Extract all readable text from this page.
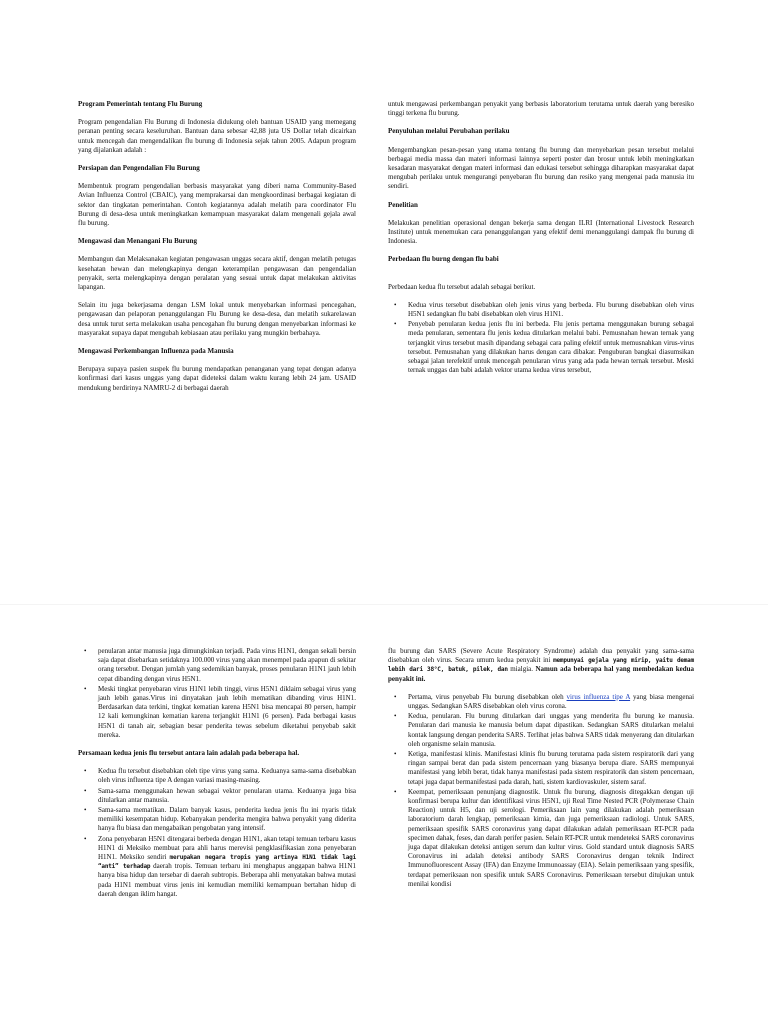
Program Pemerintah tentang Flu Burung

Program pengendalian Flu Burung di Indonesia didukung oleh bantuan USAID yang memegang peranan penting secara keseluruhan. Bantuan dana sebesar 42,88 juta US Dollar telah dicairkan untuk mencegah dan mengendalikan flu burung di Indonesia sejak tahun 2005. Adapun program yang dijalankan adalah :

Persiapan dan Pengendalian Flu Burung

Membentuk program pengendalian berbasis masyarakat yang diberi nama Community-Based Avian Influenza Control (CBAIC), yang memprakarsai dan mengkoordinasi berbagai kegiatan di sektor dan tingkatan pemerintahan. Contoh kegiatannya adalah melatih para coordinator Flu Burung di desa-desa untuk meningkatkan kemampuan masyarakat dalam mengenali gejala awal flu burung.

Mengawasi dan Menangani Flu Burung

Membangun dan Melaksanakan kegiatan pengawasan unggas secara aktif, dengan melatih petugas kesehatan hewan dan melengkapinya dengan keterampilan pengawasan dan pengendalian penyakit, serta melengkapinya dengan peralatan yang sesuai untuk dapat melakukan aktivitas lapangan.

Selain itu juga bekerjasama dengan LSM lokal untuk menyebarkan informasi pencegahan, pengawasan dan pelaporan penanggulangan Flu Burung ke desa-desa, dan melatih sukarelawan desa untuk turut serta melakukan usaha pencegahan flu burung dengan menyebarkan informasi ke masyarakat supaya dapat mengubah kebiasaan atau perilaku yang mungkin berbahaya.

Mengawasi Perkembangan Influenza pada Manusia

Berupaya supaya pasien suspek flu burung mendapatkan penanganan yang tepat dengan adanya konfirmasi dari kasus unggas yang dapat dideteksi dalam waktu kurang lebih 24 jam. USAID mendukung berdirinya NAMRU-2 di berbagai daerah

untuk mengawasi perkembangan penyakit yang berbasis laboratorium terutama untuk daerah yang beresiko tinggi terkena flu burung.

Penyuluhan melalui Perubahan perilaku

Mengembangkan pesan-pesan yang utama tentang flu burung dan menyebarkan pesan tersebut melalui berbagai media massa dan materi informasi lainnya seperti poster dan brosur untuk lebih meningkatkan kesadaran masyarakat dengan materi informasi dan edukasi tersebut sehingga diharapkan masyarakat dapat mengubah perilaku untuk mengurangi penyebaran flu burung dan resiko yang mengenai pada manusia itu sendiri.

Penelitian

Melakukan penelitian operasional dengan bekerja sama dengan ILRI (International Livestock Research Institute) untuk menemukan cara penanggulangan yang efektif demi menanggulangi dampak flu burung di Indonesia.

Perbedaan flu burng dengan flu babi

Perbedaan kedua flu tersebut adalah sebagai berikut.

• Kedua virus tersebut disebabkan oleh jenis virus yang berbeda. Flu burung disebabkan oleh virus H5N1 sedangkan flu babi disebabkan oleh virus H1N1.
• Penyebab penularan kedua jenis flu ini berbeda. Flu jenis pertama menggunakan burung sebagai meda penularan, sementara flu jenis kedua ditularkan melalui babi. Pemusnahan hewan ternak yang terjangkit virus tersebut masih dipandang sebagai cara paling efektif untuk memusnahkan virus-virus tersebut. Pemusnahan yang dilakukan harus dengan cara dibakar. Penguburan bangkai diasumsikan sebagai jalan terefektif untuk mencegah penularan virus yang ada pada hewan ternak tersebut. Meski ternak unggas dan babi adalah vektor utama kedua virus tersebut,
• penularan antar manusia juga dimungkinkan terjadi. Pada virus H1N1, dengan sekali bersin saja dapat disebarkan setidaknya 100.000 virus yang akan menempel pada apapun di sekitar orang tersebut. Dengan jumlah yang sedemikian banyak, proses penularan H1N1 jauh lebih cepat dibanding dengan virus H5N1.
• Meski tingkat penyebaran virus H1N1 lebih tinggi, virus H5N1 diklaim sebagai virus yang jauh lebih ganas.Virus ini dinyatakan jauh lebih mematikan dibanding virus H1N1. Berdasarkan data terkini, tingkat kematian karena H5N1 bisa mencapai 80 persen, hampir 12 kali kemungkinan kematian karena terjangkit H1N1 (6 persen). Pada berbagai kasus H5N1 di tanah air, sebagian besar penderita tewas sebelum diketahui penyebab sakit mereka.
Persamaan kedua jenis flu tersebut antara lain adalah pada beberapa hal.
• Kedua flu tersebut disebabkan oleh tipe virus yang sama. Keduanya sama-sama disebabkan oleh virus influenza tipe A dengan variasi masing-masing.
• Sama-sama menggunakan hewan sebagai vektor penularan utama. Keduanya juga bisa ditularkan antar manusia.
• Sama-sama mematikan. Dalam banyak kasus, penderita kedua jenis flu ini nyaris tidak memiliki kesempatan hidup. Kebanyakan penderita mengira bahwa penyakit yang diderita hanya flu biasa dan mengabaikan pengobatan yang intensif.
• Zona penyebaran H5N1 ditengarai berbeda dengan H1N1, akan tetapi temuan terbaru kasus H1N1 di Meksiko membuat para ahli harus merevisi pengklasifikasian zona penyebaran H1N1. Meksiko sendiri merupakan negara tropis yang artinya H1N1 tidak lagi “anti” terhadap daerah tropis. Temuan terbaru ini menghapus anggapan bahwa H1N1 hanya bisa hidup dan tersebar di daerah subtropis. Beberapa ahli menyatakan bahwa mutasi pada H1N1 membuat virus jenis ini kemudian memiliki kemampuan bertahan hidup di daerah dengan iklim hangat.

flu burung dan SARS (Severe Acute Respiratory Syndrome) adalah dua penyakit yang sama-sama disebabkan oleh virus. Secara umum kedua penyakit ini mempunyai gejala yang mirip, yaitu demam lebih dari 38°C, batuk, pilek, dan mialgia. Namun ada beberapa hal yang membedakan kedua penyakit ini.

• Pertama, virus penyebab Flu burung disebabkan oleh virus influenza tipe A yang biasa mengenai unggas. Sedangkan SARS disebabkan oleh virus corona.
• Kedua, penularan. Flu burung ditularkan dari unggas yang menderita flu burung ke manusia. Penularan dari manusia ke manusia belum dapat dipastikan. Sedangkan SARS ditularkan melalui kontak langsung dengan penderita SARS. Terlihat jelas bahwa SARS tidak menyerang dan ditularkan oleh organisme selain manusia.
• Ketiga, manifestasi klinis. Manifestasi klinis flu burung terutama pada sistem respiratorik dari yang ringan sampai berat dan pada sistem pencernaan yang biasanya berupa diare. SARS mempunyai manifestasi yang lebih berat, tidak hanya manifestasi pada sistem respiratorik dan sistem pencernaan, tetapi juga dapat bermanifestasi pada darah, hati, sistem kardiovaskuler, sistem saraf.
• Keempat, pemeriksaan penunjang diagnostik. Untuk flu burung, diagnosis ditegakkan dengan uji konfirmasi berupa kultur dan identifikasi virus H5N1, uji Real Time Nested PCR (Polymerase Chain Reaction) untuk H5, dan uji serologi. Pemeriksaan lain yang dilakukan adalah pemeriksaan laboratorium darah lengkap, pemeriksaan kimia, dan juga pemeriksaan radiologi. Untuk SARS, pemeriksaan spesifik SARS coronavirus yang dapat dilakukan adalah pemeriksaan RT-PCR pada specimen dahak, feses, dan darah perifer pasien. Selain RT-PCR untuk mendeteksi SARS coronavirus juga dapat dilakukan deteksi antigen serum dan kultur virus. Gold standard untuk diagnosis SARS Coronavirus ini adalah deteksi antibody SARS Coronavirus dengan teknik Indirect Immunofluorescent Assay (IFA) dan Enzyme Immunoassay (EIA). Selain pemeriksaan yang spesifik, terdapat pemeriksaan non spesifik untuk SARS Coronavirus. Pemeriksaan tersebut ditujukan untuk menilai kondisi
